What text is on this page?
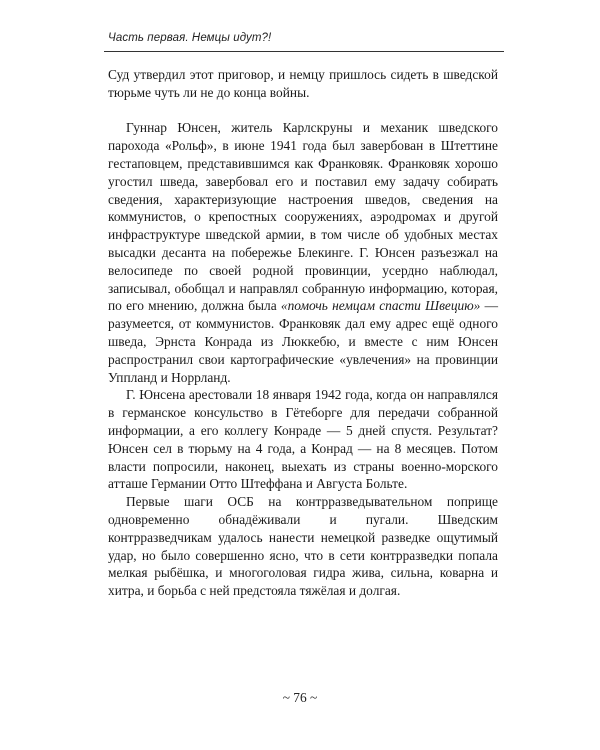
Часть первая. Немцы идут?!

Суд утвердил этот приговор, и немцу пришлось сидеть в шведской тюрьме чуть ли не до конца войны.

Гуннар Юнсен, житель Карлскруны и механик шведского парохода «Рольф», в июне 1941 года был завербован в Штеттине гестаповцем, представившимся как Франковяк. Франковяк хорошо угостил шведа, завербовал его и поставил ему задачу собирать сведения, характеризующие настроения шведов, сведения на коммунистов, о крепостных сооружениях, аэродромах и другой инфраструктуре шведской армии, в том числе об удобных местах высадки десанта на побережье Блекинге. Г. Юнсен разъезжал на велосипеде по своей родной провинции, усердно наблюдал, записывал, обобщал и направлял собранную информацию, которая, по его мнению, должна была «помочь немцам спасти Швецию» — разумеется, от коммунистов. Франковяк дал ему адрес ещё одного шведа, Эрнста Конрада из Люккебю, и вместе с ним Юнсен распространил свои картографические «увлечения» на провинции Уппланд и Норрланд.

Г. Юнсена арестовали 18 января 1942 года, когда он направлялся в германское консульство в Гётеборге для передачи собранной информации, а его коллегу Конраде — 5 дней спустя. Результат? Юнсен сел в тюрьму на 4 года, а Конрад — на 8 месяцев. Потом власти попросили, наконец, выехать из страны военно-морского атташе Германии Отто Штеффана и Августа Больте.

Первые шаги ОСБ на контрразведывательном поприще одновременно обнадёживали и пугали. Шведским контрразведчикам удалось нанести немецкой разведке ощутимый удар, но было совершенно ясно, что в сети контрразведки попала мелкая рыбёшка, и многоголовая гидра жива, сильна, коварна и хитра, и борьба с ней предстояла тяжёлая и долгая.

~ 76 ~
